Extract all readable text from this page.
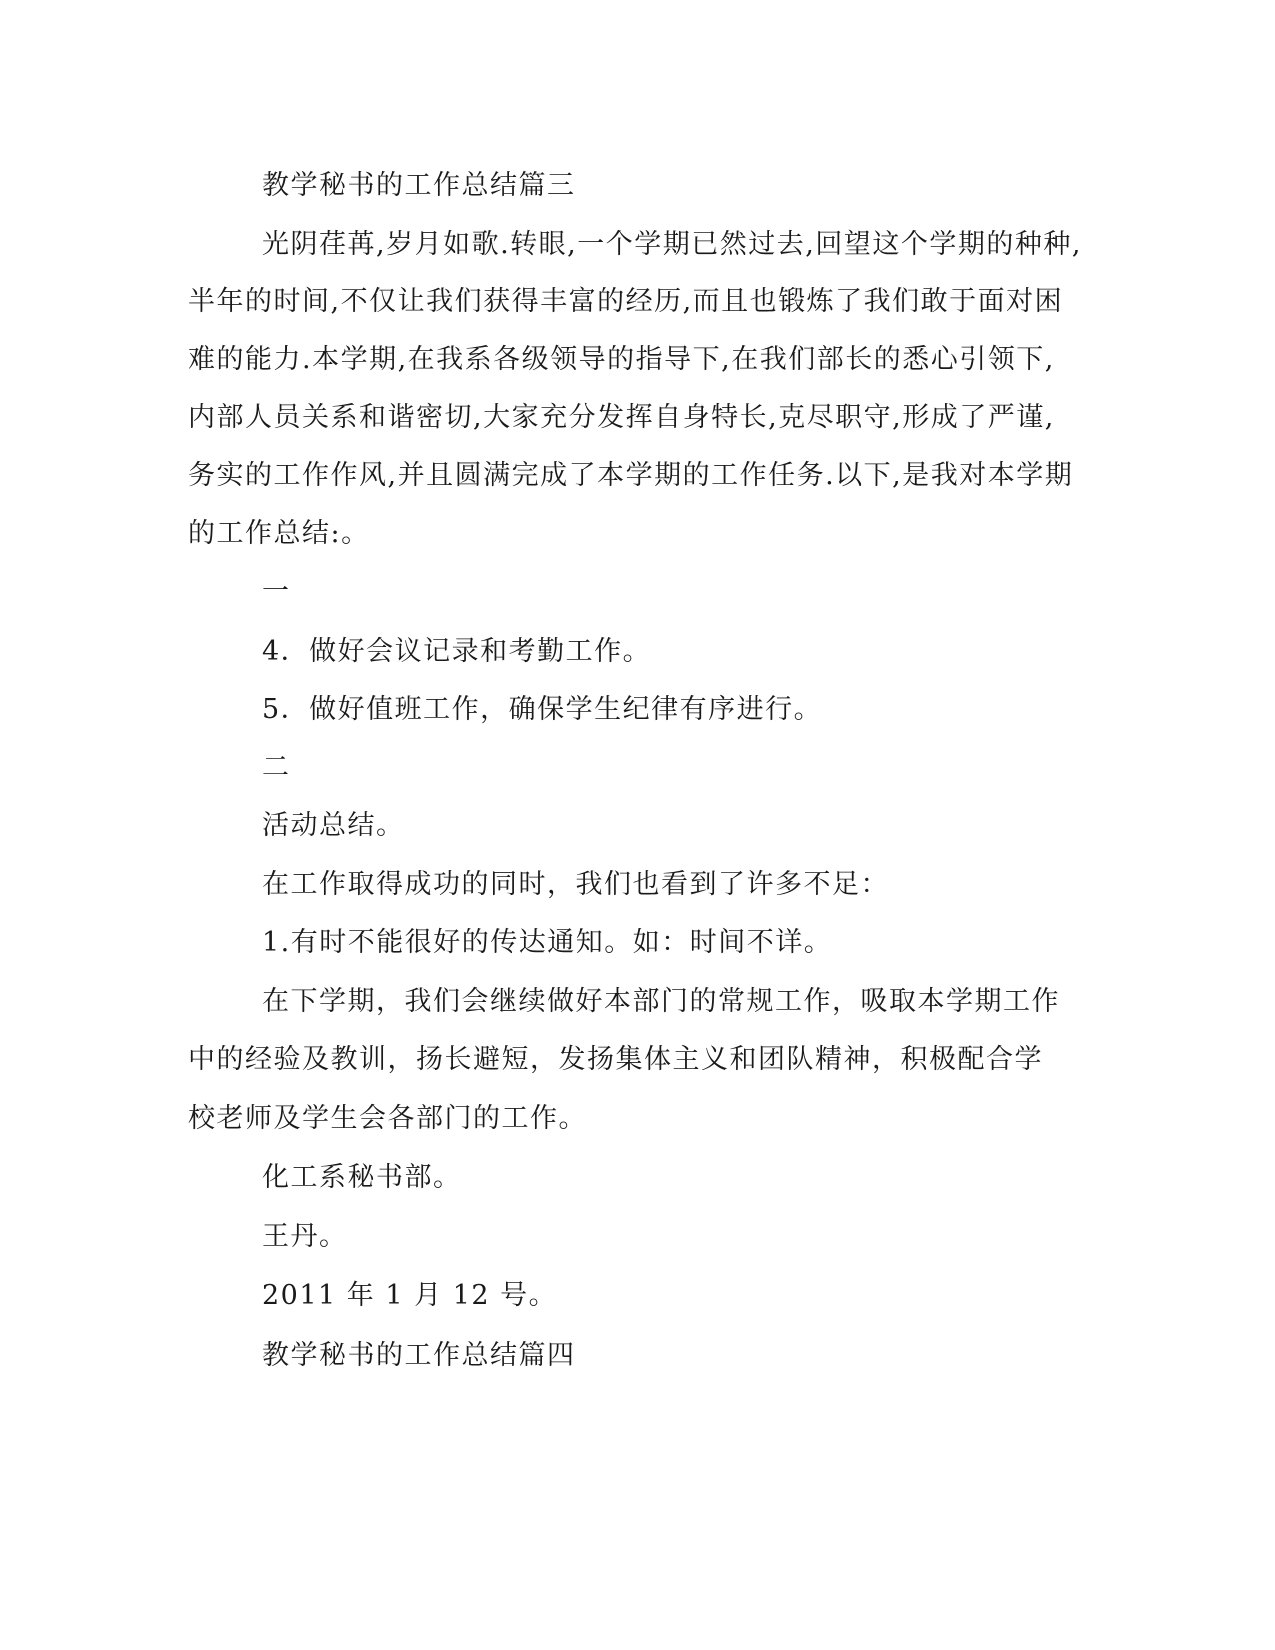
教学秘书的工作总结篇三
光阴荏苒,岁月如歌.转眼,一个学期已然过去,回望这个学期的种种,
半年的时间,不仅让我们获得丰富的经历,而且也锻炼了我们敢于面对困
难的能力.本学期,在我系各级领导的指导下,在我们部长的悉心引领下,
内部人员关系和谐密切,大家充分发挥自身特长,克尽职守,形成了严谨,
务实的工作作风,并且圆满完成了本学期的工作任务.以下,是我对本学期
的工作总结:。
一
4．做好会议记录和考勤工作。
5．做好值班工作，确保学生纪律有序进行。
二
活动总结。
在工作取得成功的同时，我们也看到了许多不足：
1.有时不能很好的传达通知。如：时间不详。
在下学期，我们会继续做好本部门的常规工作，吸取本学期工作
中的经验及教训，扬长避短，发扬集体主义和团队精神，积极配合学
校老师及学生会各部门的工作。
化工系秘书部。
王丹。
2011 年 1 月 12 号。
教学秘书的工作总结篇四
